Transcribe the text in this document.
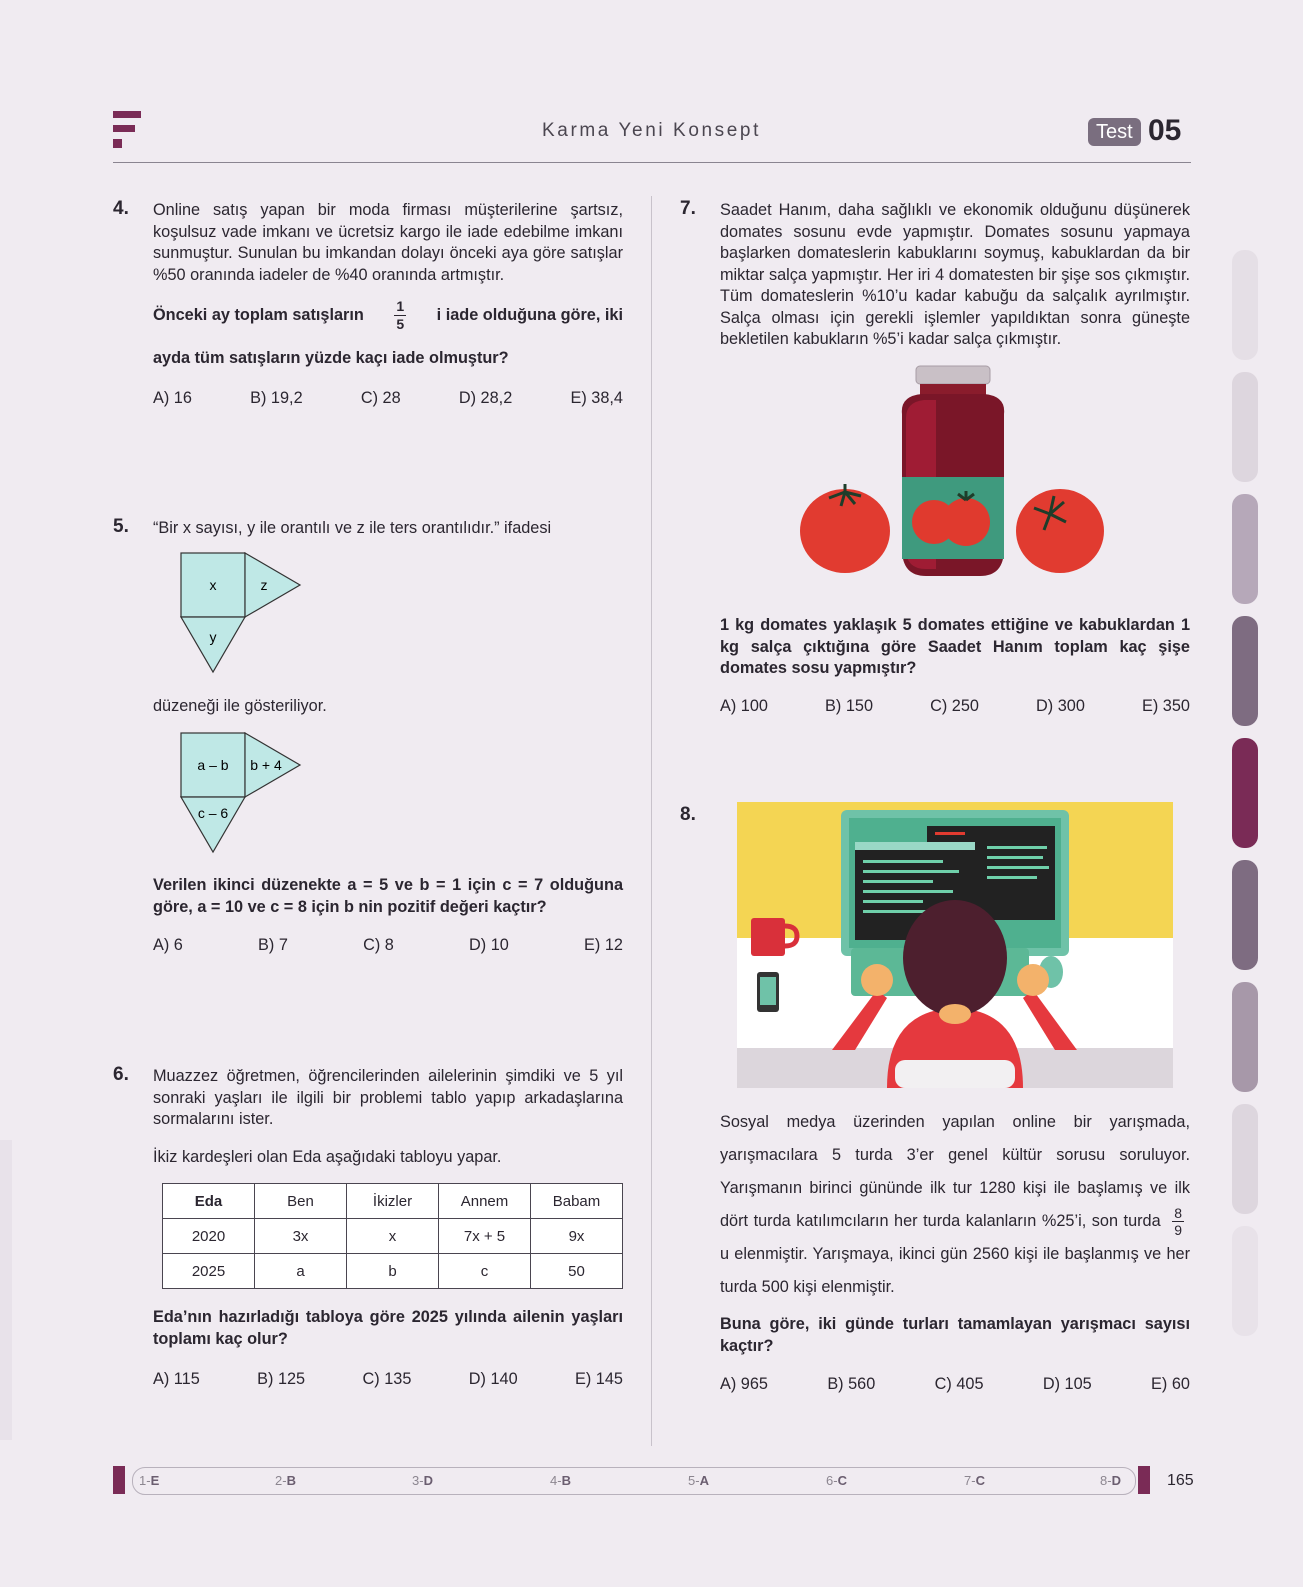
Karma Yeni Konsept	Test 05
4. Online satış yapan bir moda firması müşterilerine şartsız, koşulsuz vade imkanı ve ücretsiz kargo ile iade edebilme imkanı sunmuştur. Sunulan bu imkandan dolayı önceki aya göre satışlar %50 oranında iadeler de %40 oranında artmıştır.
Önceki ay toplam satışların $\frac{1}{5}$ i iade olduğuna göre, iki
ayda tüm satışların yüzde kaçı iade olmuştur?
A) 16	B) 19,2	C) 28	D) 28,2	E) 38,4
5. “Bir x sayısı, y ile orantılı ve z ile ters orantılıdır.” ifadesi
x	z
y
düzeneği ile gösteriliyor.
a – b b + 4
c – 6
Verilen ikinci düzenekte a = 5 ve b = 1 için c = 7 olduğuna göre, a = 10 ve c = 8 için b nin pozitif değeri kaçtır?
A) 6	B) 7	C) 8	D) 10	E) 12
6. Muazzez öğretmen, öğrencilerinden ailelerinin şimdiki ve 5 yıl sonraki yaşları ile ilgili bir problemi tablo yapıp arkadaşlarına sormalarını ister.
İkiz kardeşleri olan Eda aşağıdaki tabloyu yapar.
Eda	Ben	İkizler	Annem	Babam
2020	3x	x	7x + 5	9x
2025	a	b	c	50
Eda’nın hazırladığı tabloya göre 2025 yılında ailenin yaşları toplamı kaç olur?
A) 115	B) 125	C) 135	D) 140	E) 145
7. Saadet Hanım, daha sağlıklı ve ekonomik olduğunu düşünerek domates sosunu evde yapmıştır. Domates sosunu yapmaya başlarken domateslerin kabuklarını soymuş, kabuklardan da bir miktar salça yapmıştır. Her iri 4 domatesten bir şişe sos çıkmıştır. Tüm domateslerin %10’u kadar kabuğu da salçalık ayrılmıştır. Salça olması için gerekli işlemler yapıldıktan sonra güneşte bekletilen kabukların %5’i kadar salça çıkmıştır.
1 kg domates yaklaşık 5 domates ettiğine ve kabuklardan 1 kg salça çıktığına göre Saadet Hanım toplam kaç şişe domates sosu yapmıştır?
A) 100	B) 150	C) 250	D) 300	E) 350
8.
Sosyal medya üzerinden yapılan online bir yarışmada, yarışmacılara 5 turda 3’er genel kültür sorusu soruluyor. Yarışmanın birinci gününde ilk tur 1280 kişi ile başlamış ve ilk dört turda katılımcıların her turda kalanların %25’i, son turda $\frac{8}{9}$
u elenmiştir. Yarışmaya, ikinci gün 2560 kişi ile başlanmış ve her turda 500 kişi elenmiştir.
Buna göre, iki günde turları tamamlayan yarışmacı sayısı kaçtır?
A) 965	B) 560	C) 405	D) 105	E) 60
1-E	2-B	3-D	4-B	5-A	6-C	7-C	8-D	165
